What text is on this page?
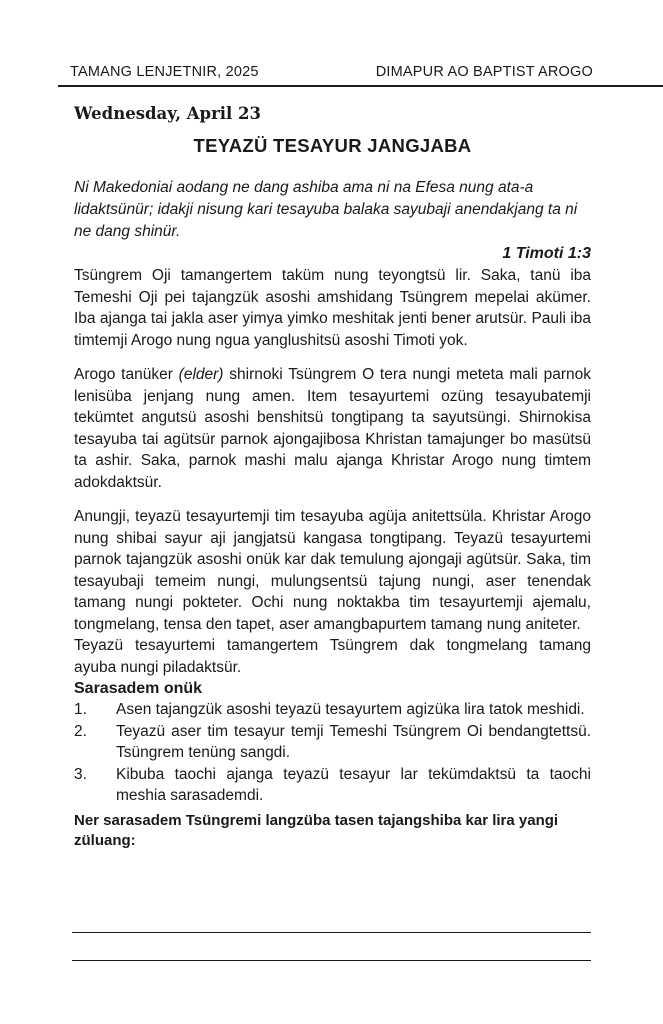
TAMANG LENJETNIR, 2025	DIMAPUR AO BAPTIST AROGO

Wednesday, April 23

TEYAZÜ TESAYUR JANGJABA

Ni Makedoniai aodang ne dang ashiba ama ni na Efesa nung ata-a lidaktsünür; idakji nisung kari tesayuba balaka sayubaji anendakjang ta ni ne dang shinür.

1 Timoti 1:3

Tsüngrem Oji tamangertem taküm nung teyongtsü lir. Saka, tanü iba Temeshi Oji pei tajangzük asoshi amshidang Tsüngrem mepelai akümer. Iba ajanga tai jakla aser yimya yimko meshitak jenti bener arutsür. Pauli iba timtemji Arogo nung ngua yanglushitsü asoshi Timoti yok.

Arogo tanüker (elder) shirnoki Tsüngrem O tera nungi meteta mali parnok lenisüba jenjang nung amen. Item tesayurtemi ozüng tesayubatemji tekümtet angutsü asoshi benshitsü tongtipang ta sayutsüngi. Shirnokisa tesayuba tai agütsür parnok ajongajibosa Khristan tamajunger bo masütsü ta ashir. Saka, parnok mashi malu ajanga Khristar Arogo nung timtem adokdaktsür.

Anungji, teyazü tesayurtemji tim tesayuba agüja anitettsüla. Khristar Arogo nung shibai sayur aji jangjatsü kangasa tongtipang. Teyazü tesayurtemi parnok tajangzük asoshi onük kar dak temulung ajongaji agütsür. Saka, tim tesayubaji temeim nungi, mulungsentsü tajung nungi, aser tenendak tamang nungi pokteter. Ochi nung noktakba tim tesayurtemji ajemalu, tongmelang, tensa den tapet, aser amangbapurtem tamang nung aniteter.

Teyazü tesayurtemi tamangertem Tsüngrem dak tongmelang tamang ayuba nungi piladaktsür.

Sarasadem onük

1.	Asen tajangzük asoshi teyazü tesayurtem agizüka lira tatok meshidi.
2.	Teyazü aser tim tesayur temji Temeshi Tsüngrem Oi bendangtettsü. Tsüngrem tenüng sangdi.
3.	Kibuba taochi ajanga teyazü tesayur lar tekümdaktsü ta taochi meshia sarasademdi.

Ner sarasadem Tsüngremi langzüba tasen tajangshiba kar lira yangi züluang:
